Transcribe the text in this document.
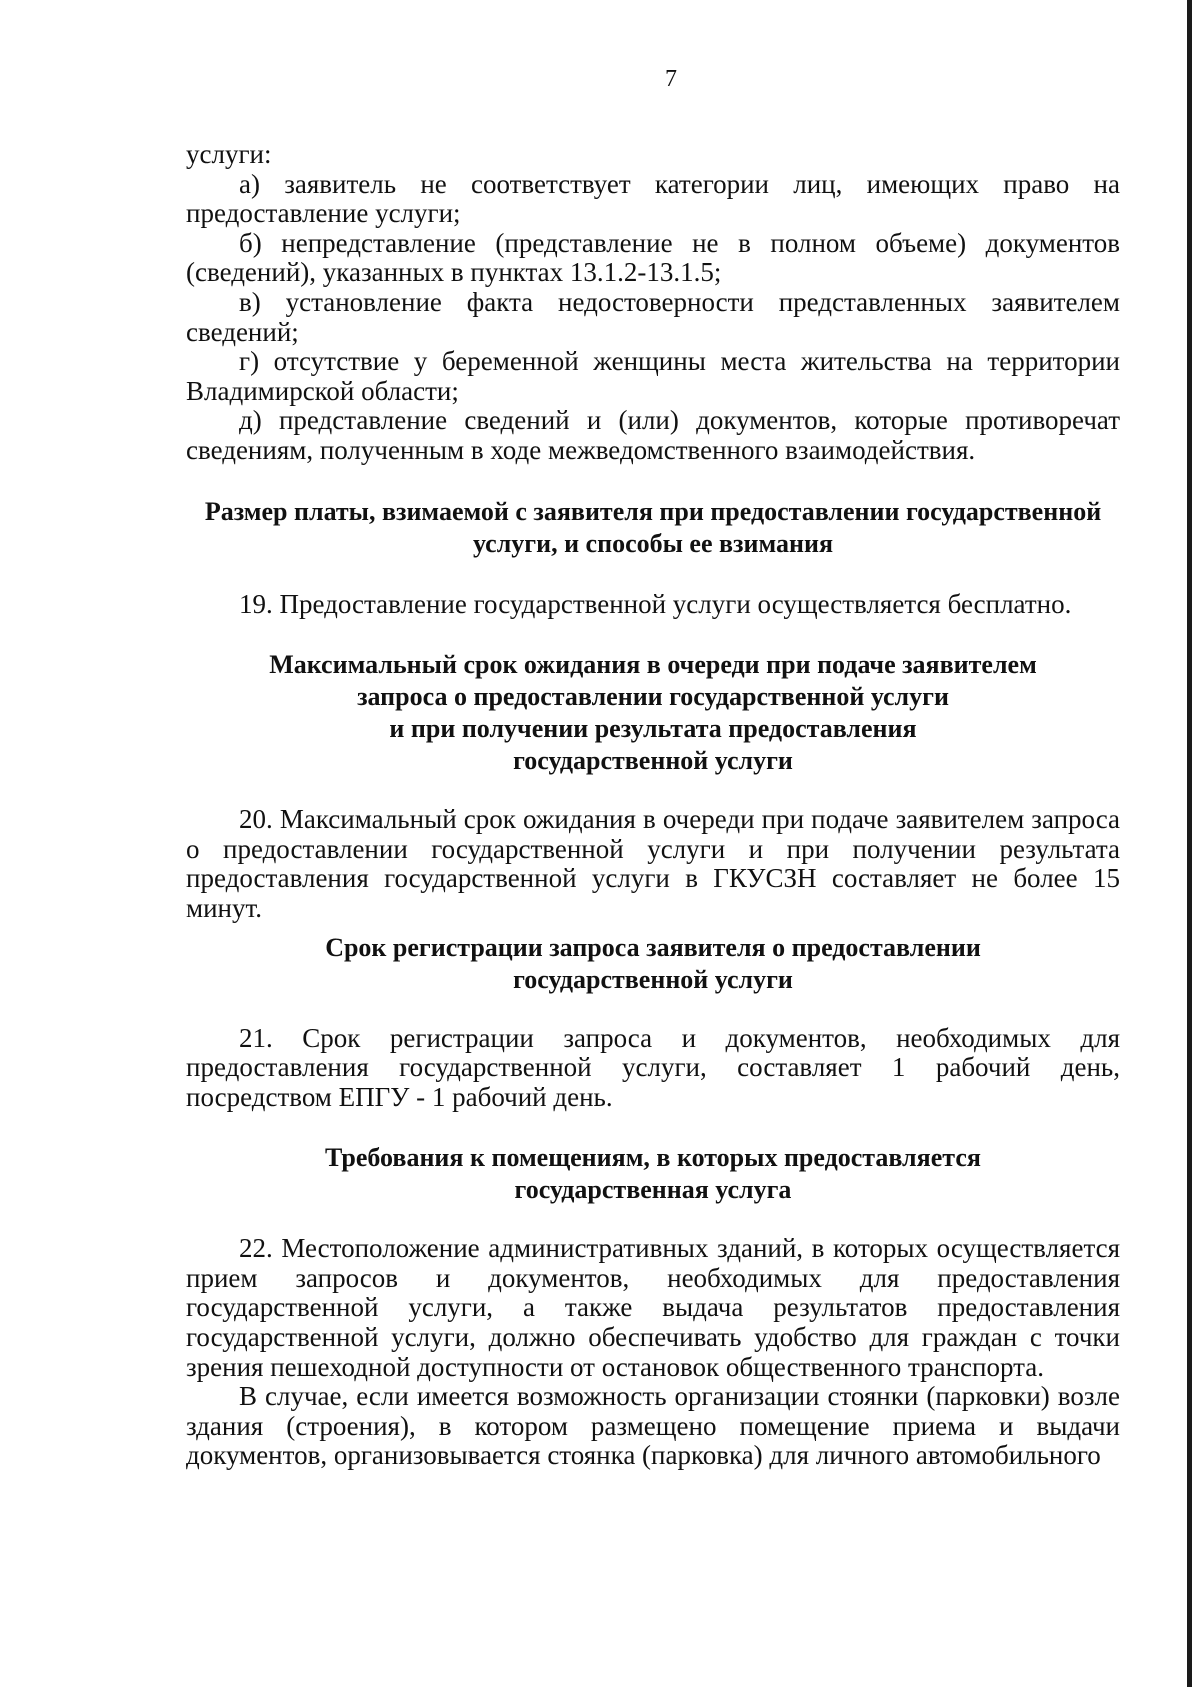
7

услуги:

а) заявитель не соответствует категории лиц, имеющих право на предоставление услуги;

б) непредставление (представление не в полном объеме) документов (сведений), указанных в пунктах 13.1.2-13.1.5;

в) установление факта недостоверности представленных заявителем сведений;

г) отсутствие у беременной женщины места жительства на территории Владимирской области;

д) представление сведений и (или) документов, которые противоречат сведениям, полученным в ходе межведомственного взаимодействия.

Размер платы, взимаемой с заявителя при предоставлении государственной услуги, и способы ее взимания

19. Предоставление государственной услуги осуществляется бесплатно.

Максимальный срок ожидания в очереди при подаче заявителем

запроса о предоставлении государственной услуги

и при получении результата предоставления

государственной услуги

20. Максимальный срок ожидания в очереди при подаче заявителем запроса о предоставлении государственной услуги и при получении результата предоставления государственной услуги в ГКУСЗН составляет не более 15 минут.

Срок регистрации запроса заявителя о предоставлении

государственной услуги

21. Срок регистрации запроса и документов, необходимых для предоставления государственной услуги, составляет 1 рабочий день, посредством ЕПГУ - 1 рабочий день.

Требования к помещениям, в которых предоставляется

государственная услуга

22. Местоположение административных зданий, в которых осуществляется прием запросов и документов, необходимых для предоставления государственной услуги, а также выдача результатов предоставления государственной услуги, должно обеспечивать удобство для граждан с точки зрения пешеходной доступности от остановок общественного транспорта.

В случае, если имеется возможность организации стоянки (парковки) возле здания (строения), в котором размещено помещение приема и выдачи документов, организовывается стоянка (парковка) для личного автомобильного
